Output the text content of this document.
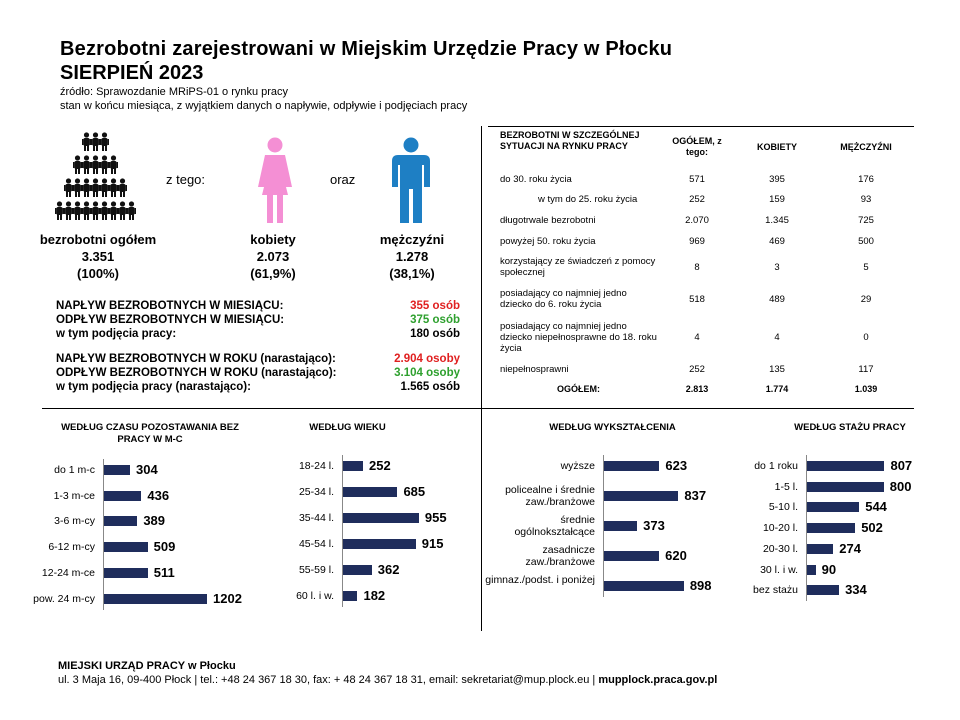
Bezrobotni zarejestrowani w Miejskim Urzędzie Pracy w Płocku
SIERPIEŃ 2023
źródło: Sprawozdanie MRiPS-01 o rynku pracy
stan w końcu miesiąca, z wyjątkiem danych o napływie, odpływie i podjęciach pracy
z tego:	oraz
bezrobotni ogółem
3.351
(100%)
kobiety
2.073
(61,9%)
mężczyźni
1.278
(38,1%)
NAPŁYW BEZROBOTNYCH W MIESIĄCU:	355 osób
ODPŁYW BEZROBOTNYCH W MIESIĄCU:	375 osób
w tym podjęcia pracy:	180 osób
NAPŁYW BEZROBOTNYCH W ROKU (narastająco):	2.904 osoby
ODPŁYW BEZROBOTNYCH W ROKU (narastająco):	3.104 osoby
w tym podjęcia pracy (narastająco):	1.565 osób
BEZROBOTNI W SZCZEGÓLNEJ SYTUACJI NA RYNKU PRACY	OGÓŁEM, z tego:	KOBIETY	MĘŻCZYŹNI
do 30. roku życia	571	395	176
w tym do 25. roku życia	252	159	93
długotrwale bezrobotni	2.070	1.345	725
powyżej 50. roku życia	969	469	500
korzystający ze świadczeń z pomocy społecznej	8	3	5
posiadający co najmniej jedno dziecko do 6. roku życia	518	489	29
posiadający co najmniej jedno dziecko niepełnosprawne do 18. roku życia
4	4	0
niepełnosprawni	252	135	117
OGÓŁEM:	2.813	1.774	1.039
WEDŁUG CZASU POZOSTAWANIA BEZ PRACY W M-C
do 1 m-c	304
1-3 m-ce	436
3-6 m-cy	389
6-12 m-cy	509
12-24 m-ce	511
pow. 24 m-cy	1202
WEDŁUG WIEKU
18-24 l.	252
25-34 l.	685
35-44 l.	955
45-54 l.	915
55-59 l.	362
60 l. i w. 182
WEDŁUG WYKSZTAŁCENIA
wyższe	623
policealne i średnie zaw./branżowe	837
średnie ogólnokształcące	373
zasadnicze zaw./branżowe	620
gimnaz./podst. i poniżej	898
WEDŁUG STAŻU PRACY
do 1 roku	807
1-5 l.	800
5-10 l.	544
10-20 l.	502
20-30 l.	274
30 l. i w. 90
bez stażu	334
MIEJSKI URZĄD PRACY w Płocku
ul. 3 Maja 16, 09-400 Płock | tel.: +48 24 367 18 30, fax: + 48 24 367 18 31, email: sekretariat@mup.plock.eu | mupplock.praca.gov.pl
